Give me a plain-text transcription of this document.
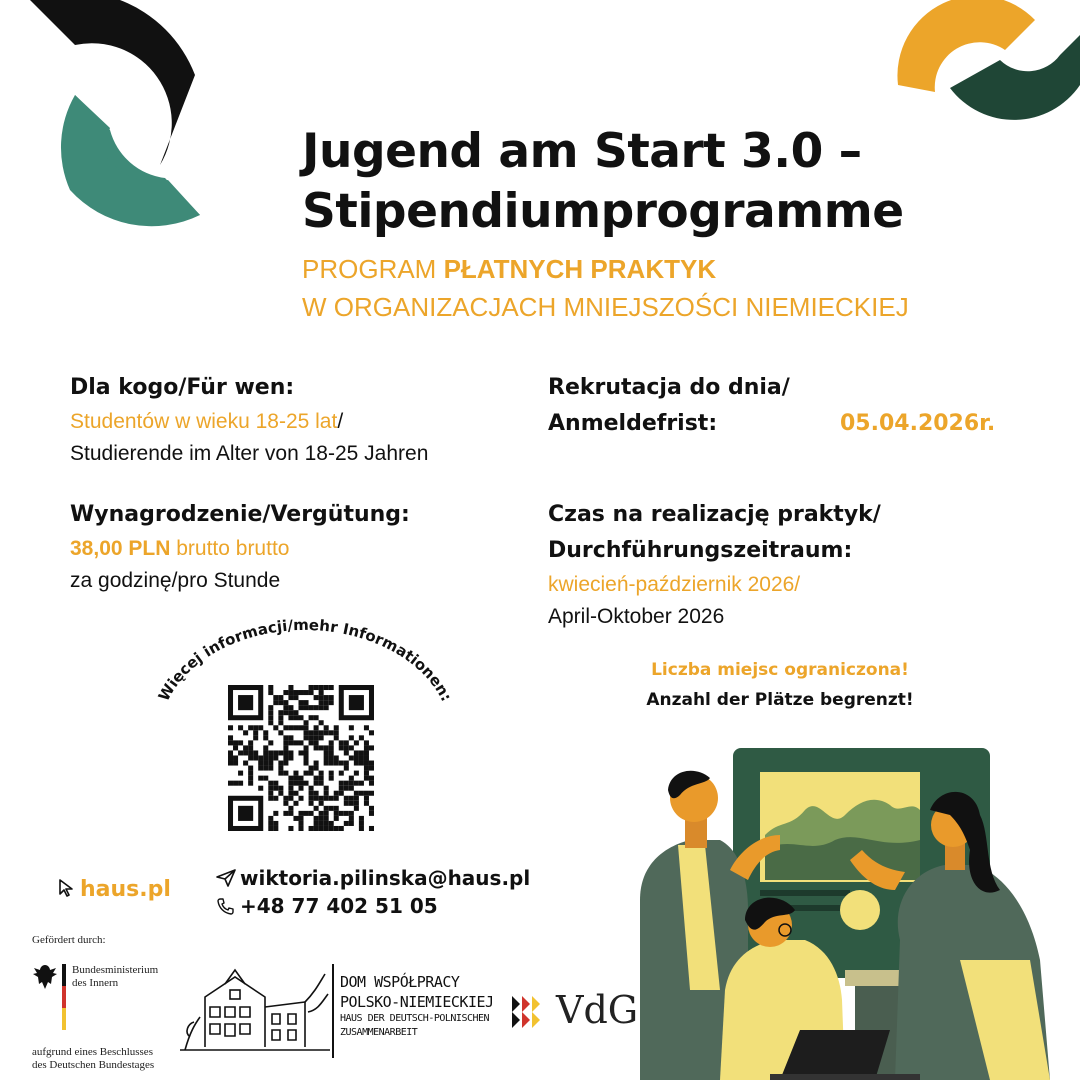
Jugend am Start 3.0 –
Stipendiumprogramme
PROGRAM PŁATNYCH PRAKTYK
W ORGANIZACJACH MNIEJSZOŚCI NIEMIECKIEJ
Dla kogo/Für wen:
Studentów w wieku 18-25 lat/
Studierende im Alter von 18-25 Jahren
Rekrutacja do dnia/
Anmeldefrist:	05.04.2026r.
Wynagrodzenie/Vergütung:
38,00 PLN brutto brutto
za godzinę/pro Stunde
Czas na realizację praktyk/
Durchführungszeitraum:
kwiecień-październik 2026/
April-Oktober 2026
Liczba miejsc ograniczona!
Anzahl der Plätze begrenzt!
Więcej informacji/mehr Informationen:
haus.pl	wiktoria.pilinska@haus.pl
+48 77 402 51 05
Gefördert durch:
Bundesministerium
des Innern
aufgrund eines Beschlusses
des Deutschen Bundestages
DOM WSPÓŁPRACY
POLSKO-NIEMIECKIEJ
HAUS DER DEUTSCH-POLNISCHEN
ZUSAMMENARBEIT
VdG
